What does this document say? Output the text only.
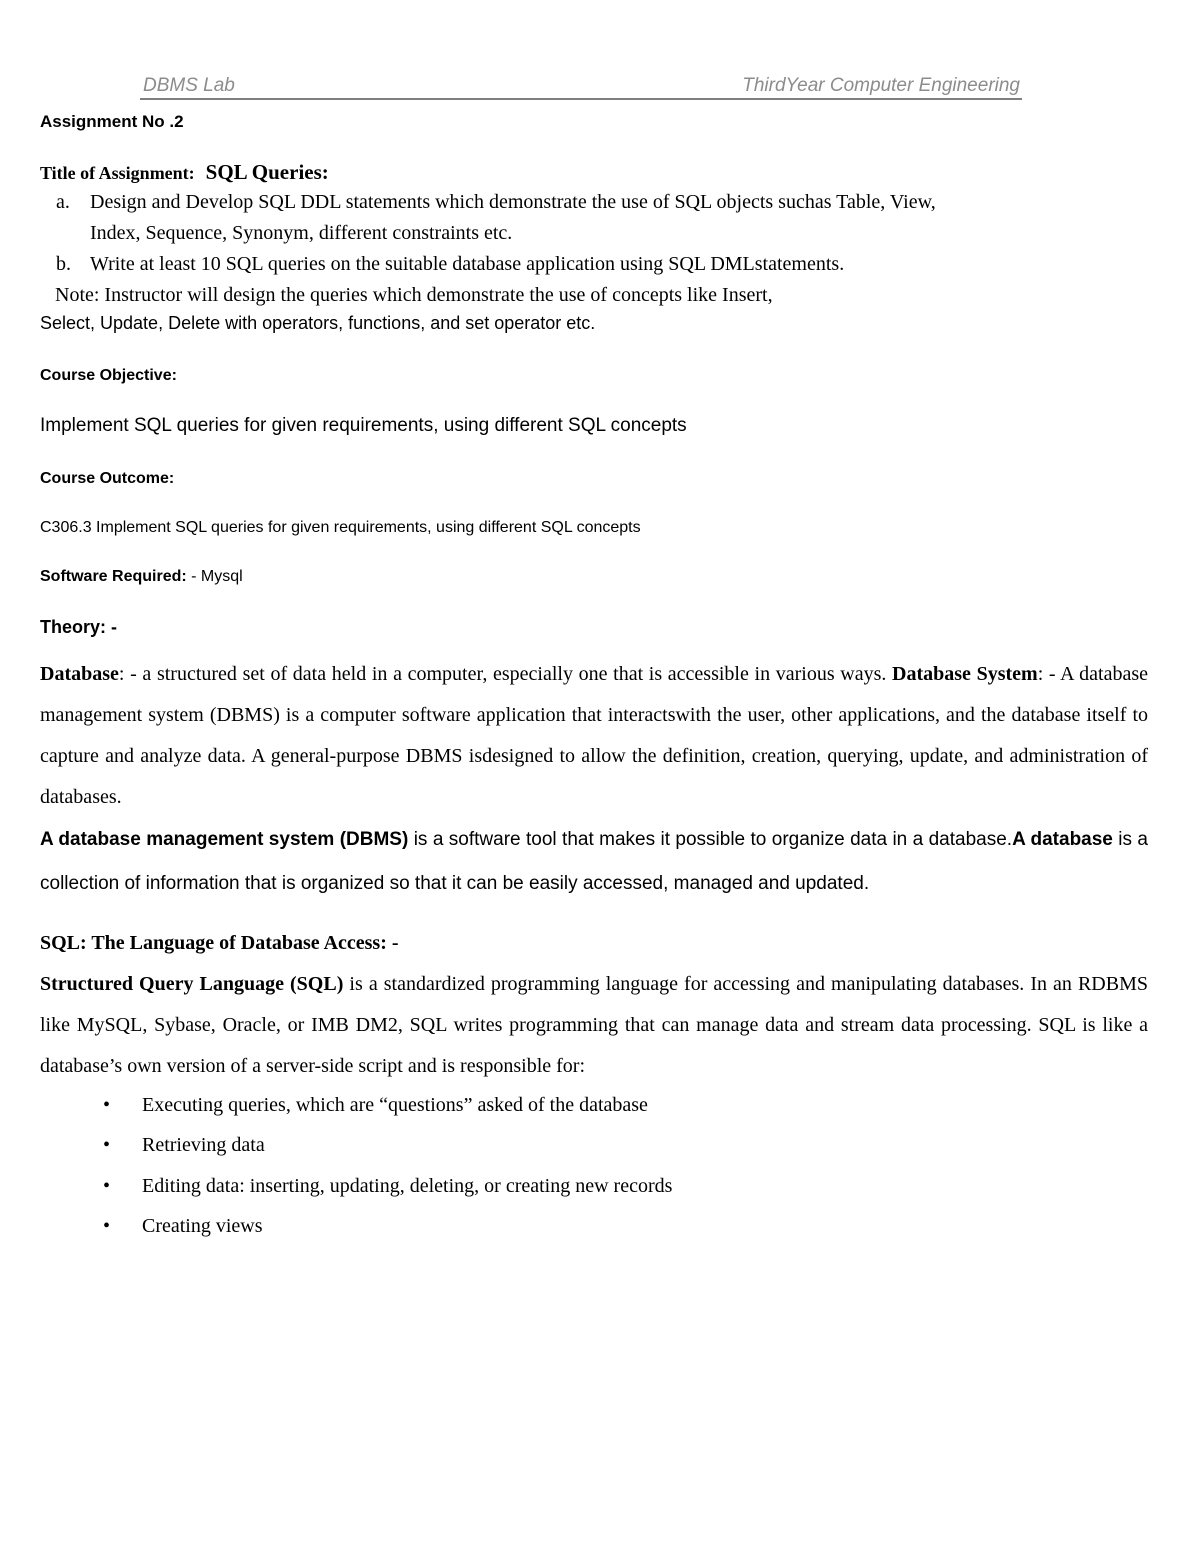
DBMS Lab	ThirdYear Computer Engineering
Assignment No .2
Title of Assignment: SQL Queries:
a. Design and Develop SQL DDL statements which demonstrate the use of SQL objects suchas Table, View,
Index, Sequence, Synonym, different constraints etc.
b. Write at least 10 SQL queries on the suitable database application using SQL DMLstatements.
Note: Instructor will design the queries which demonstrate the use of concepts like Insert,
Select, Update, Delete with operators, functions, and set operator etc.
Course Objective:
Implement SQL queries for given requirements, using different SQL concepts
Course Outcome:
C306.3 Implement SQL queries for given requirements, using different SQL concepts
Software Required: - Mysql
Theory: -
Database: - a structured set of data held in a computer, especially one that is accessible in various ways. Database System: - A database management system (DBMS) is a computer software application that interactswith the user, other applications, and the database itself to capture and analyze data. A general-purpose DBMS isdesigned to allow the definition, creation, querying, update, and administration of databases.
A database management system (DBMS) is a software tool that makes it possible to organize data in a database.A database is a collection of information that is organized so that it can be easily accessed, managed and updated.
SQL: The Language of Database Access: -
Structured Query Language (SQL) is a standardized programming language for accessing and manipulating databases. In an RDBMS like MySQL, Sybase, Oracle, or IMB DM2, SQL writes programming that can manage data and stream data processing. SQL is like a database’s own version of a server-side script and is responsible for:
• Executing queries, which are “questions” asked of the database
• Retrieving data
• Editing data: inserting, updating, deleting, or creating new records
• Creating views
